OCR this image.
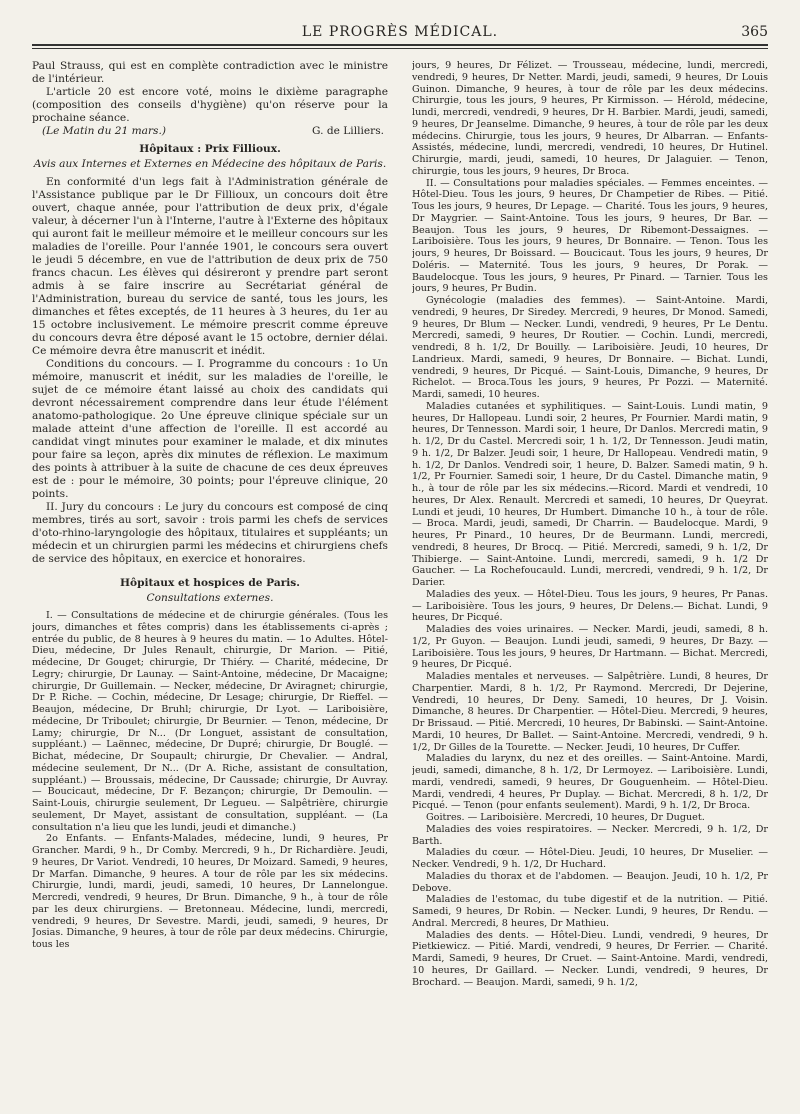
LE PROGRÈS MÉDICAL.	365

Paul Strauss, qui est en complète contradiction avec le ministre de l'intérieur.

L'article 20 est encore voté, moins le dixième paragraphe (composition des conseils d'hygiène) qu'on réserve pour la prochaine séance.

(Le Matin du 21 mars.)	G. de Lilliers.

Hôpitaux : Prix Fillioux.

Avis aux Internes et Externes en Médecine des hôpitaux de Paris.

En conformité d'un legs fait à l'Administration générale de l'Assistance publique par le Dr Fillioux, un concours doit être ouvert, chaque année, pour l'attribution de deux prix, d'égale valeur, à décerner l'un à l'Interne, l'autre à l'Externe des hôpitaux qui auront fait le meilleur mémoire et le meilleur concours sur les maladies de l'oreille. Pour l'année 1901, le concours sera ouvert le jeudi 5 décembre, en vue de l'attribution de deux prix de 750 francs chacun. Les élèves qui désireront y prendre part seront admis à se faire inscrire au Secrétariat général de l'Administration, bureau du service de santé, tous les jours, les dimanches et fêtes exceptés, de 11 heures à 3 heures, du 1er au 15 octobre inclusivement. Le mémoire prescrit comme épreuve du concours devra être déposé avant le 15 octobre, dernier délai. Ce mémoire devra être manuscrit et inédit.

Conditions du concours. — I. Programme du concours : 1o Un mémoire, manuscrit et inédit, sur les maladies de l'oreille, le sujet de ce mémoire étant laissé au choix des candidats qui devront nécessairement comprendre dans leur étude l'élément anatomo-pathologique. 2o Une épreuve clinique spéciale sur un malade atteint d'une affection de l'oreille. Il est accordé au candidat vingt minutes pour examiner le malade, et dix minutes pour faire sa leçon, après dix minutes de réflexion. Le maximum des points à attribuer à la suite de chacune de ces deux épreuves est de : pour le mémoire, 30 points; pour l'épreuve clinique, 20 points.

II. Jury du concours : Le jury du concours est composé de cinq membres, tirés au sort, savoir : trois parmi les chefs de services d'oto-rhino-laryngologie des hôpitaux, titulaires et suppléants; un médecin et un chirurgien parmi les médecins et chirurgiens chefs de service des hôpitaux, en exercice et honoraires.

Hôpitaux et hospices de Paris.

Consultations externes.

I. — Consultations de médecine et de chirurgie générales. (Tous les jours, dimanches et fêtes compris) dans les établissements ci-après ; entrée du public, de 8 heures à 9 heures du matin. — 1o Adultes. Hôtel-Dieu, médecine, Dr Jules Renault, chirurgie, Dr Marion. — Pitié, médecine, Dr Gouget; chirurgie, Dr Thiéry. — Charité, médecine, Dr Legry; chirurgie, Dr Launay. — Saint-Antoine, médecine, Dr Macaigne; chirurgie, Dr Guillemain. — Necker, médecine, Dr Aviragnet; chirurgie, Dr P. Riche. — Cochin, médecine, Dr Lesage; chirurgie, Dr Rieffel. — Beaujon, médecine, Dr Bruhl; chirurgie, Dr Lyot. — Lariboisière, médecine, Dr Triboulet; chirurgie, Dr Beurnier. — Tenon, médecine, Dr Lamy; chirurgie, Dr N... (Dr Longuet, assistant de consultation, suppléant.) — Laënnec, médecine, Dr Dupré; chirurgie, Dr Bouglé. — Bichat, médecine, Dr Soupault; chirurgie, Dr Chevalier. — Andral, médecine seulement, Dr N... (Dr A. Riche, assistant de consultation, suppléant.) — Broussais, médecine, Dr Caussade; chirurgie, Dr Auvray. — Boucicaut, médecine, Dr F. Bezançon; chirurgie, Dr Demoulin. — Saint-Louis, chirurgie seulement, Dr Legueu. — Salpêtrière, chirurgie seulement, Dr Mayet, assistant de consultation, suppléant. — (La consultation n'a lieu que les lundi, jeudi et dimanche.)

2o Enfants. — Enfants-Malades, médecine, lundi, 9 heures, Pr Grancher. Mardi, 9 h., Dr Comby. Mercredi, 9 h., Dr Richardière. Jeudi, 9 heures, Dr Variot. Vendredi, 10 heures, Dr Moizard. Samedi, 9 heures, Dr Marfan. Dimanche, 9 heures. A tour de rôle par les six médecins. Chirurgie, lundi, mardi, jeudi, samedi, 10 heures, Dr Lannelongue. Mercredi, vendredi, 9 heures, Dr Brun. Dimanche, 9 h., à tour de rôle par les deux chirurgiens. — Bretonneau. Médecine, lundi, mercredi, vendredi, 9 heures, Dr Sevestre. Mardi, jeudi, samedi, 9 heures, Dr Josias. Dimanche, 9 heures, à tour de rôle par deux médecins. Chirurgie, tous les

jours, 9 heures, Dr Félizet. — Trousseau, médecine, lundi, mercredi, vendredi, 9 heures, Dr Netter. Mardi, jeudi, samedi, 9 heures, Dr Louis Guinon. Dimanche, 9 heures, à tour de rôle par les deux médecins. Chirurgie, tous les jours, 9 heures, Pr Kirmisson. — Hérold, médecine, lundi, mercredi, vendredi, 9 heures, Dr H. Barbier. Mardi, jeudi, samedi, 9 heures, Dr Jeanselme. Dimanche, 9 heures, à tour de rôle par les deux médecins. Chirurgie, tous les jours, 9 heures, Dr Albarran. — Enfants-Assistés, médecine, lundi, mercredi, vendredi, 10 heures, Dr Hutinel. Chirurgie, mardi, jeudi, samedi, 10 heures, Dr Jalaguier. — Tenon, chirurgie, tous les jours, 9 heures, Dr Broca.

II. — Consultations pour maladies spéciales. — Femmes enceintes. — Hôtel-Dieu. Tous les jours, 9 heures, Dr Champetier de Ribes. — Pitié. Tous les jours, 9 heures, Dr Lepage. — Charité. Tous les jours, 9 heures, Dr Maygrier. — Saint-Antoine. Tous les jours, 9 heures, Dr Bar. — Beaujon. Tous les jours, 9 heures, Dr Ribemont-Dessaignes. — Lariboisière. Tous les jours, 9 heures, Dr Bonnaire. — Tenon. Tous les jours, 9 heures, Dr Boissard. — Boucicaut. Tous les jours, 9 heures, Dr Doléris. — Maternité. Tous les jours, 9 heures, Dr Porak. — Baudelocque. Tous les jours, 9 heures, Pr Pinard. — Tarnier. Tous les jours, 9 heures, Pr Budin.

Gynécologie (maladies des femmes). — Saint-Antoine. Mardi, vendredi, 9 heures, Dr Siredey. Mercredi, 9 heures, Dr Monod. Samedi, 9 heures, Dr Blum — Necker. Lundi, vendredi, 9 heures, Pr Le Dentu. Mercredi, samedi, 9 heures, Dr Routier. — Cochin. Lundi, mercredi, vendredi, 8 h. 1/2, Dr Bouilly. — Lariboisière. Jeudi, 10 heures, Dr Landrieux. Mardi, samedi, 9 heures, Dr Bonnaire. — Bichat. Lundi, vendredi, 9 heures, Dr Picqué. — Saint-Louis, Dimanche, 9 heures, Dr Richelot. — Broca.Tous les jours, 9 heures, Pr Pozzi. — Maternité. Mardi, samedi, 10 heures.

Maladies cutanées et syphilitiques. — Saint-Louis. Lundi matin, 9 heures, Dr Hallopeau. Lundi soir, 2 heures, Pr Fournier. Mardi matin, 9 heures, Dr Tennesson. Mardi soir, 1 heure, Dr Danlos. Mercredi matin, 9 h. 1/2, Dr du Castel. Mercredi soir, 1 h. 1/2, Dr Tennesson. Jeudi matin, 9 h. 1/2, Dr Balzer. Jeudi soir, 1 heure, Dr Hallopeau. Vendredi matin, 9 h. 1/2, Dr Danlos. Vendredi soir, 1 heure, D. Balzer. Samedi matin, 9 h. 1/2, Pr Fournier. Samedi soir, 1 heure, Dr du Castel. Dimanche matin, 9 h., à tour de rôle par les six médecins.—Ricord. Mardi et vendredi, 10 heures, Dr Alex. Renault. Mercredi et samedi, 10 heures, Dr Queyrat. Lundi et jeudi, 10 heures, Dr Humbert. Dimanche 10 h., à tour de rôle. — Broca. Mardi, jeudi, samedi, Dr Charrin. — Baudelocque. Mardi, 9 heures, Pr Pinard., 10 heures, Dr de Beurmann. Lundi, mercredi, vendredi, 8 heures, Dr Brocq. — Pitié. Mercredi, samedi, 9 h. 1/2, Dr Thibierge. — Saint-Antoine. Lundi, mercredi, samedi, 9 h. 1/2 Dr Gaucher. — La Rochefoucauld. Lundi, mercredi, vendredi, 9 h. 1/2, Dr Darier.

Maladies des yeux. — Hôtel-Dieu. Tous les jours, 9 heures, Pr Panas. — Lariboisière. Tous les jours, 9 heures, Dr Delens.— Bichat. Lundi, 9 heures, Dr Picqué.

Maladies des voies urinaires. — Necker. Mardi, jeudi, samedi, 8 h. 1/2, Pr Guyon. — Beaujon. Lundi jeudi, samedi, 9 heures, Dr Bazy. — Lariboisière. Tous les jours, 9 heures, Dr Hartmann. — Bichat. Mercredi, 9 heures, Dr Picqué.

Maladies mentales et nerveuses. — Salpêtrière. Lundi, 8 heures, Dr Charpentier. Mardi, 8 h. 1/2, Pr Raymond. Mercredi, Dr Dejerine, Vendredi, 10 heures, Dr Deny. Samedi, 10 heures, Dr J. Voisin. Dimanche, 8 heures. Dr Charpentier. — Hôtel-Dieu. Mercredi, 9 heures, Dr Brissaud. — Pitié. Mercredi, 10 heures, Dr Babinski. — Saint-Antoine. Mardi, 10 heures, Dr Ballet. — Saint-Antoine. Mercredi, vendredi, 9 h. 1/2, Dr Gilles de la Tourette. — Necker. Jeudi, 10 heures, Dr Cuffer.

Maladies du larynx, du nez et des oreilles. — Saint-Antoine. Mardi, jeudi, samedi, dimanche, 8 h. 1/2, Dr Lermoyez. — Lariboisière. Lundi, mardi, vendredi, samedi, 9 heures, Dr Gouguenheim. — Hôtel-Dieu. Mardi, vendredi, 4 heures, Pr Duplay. — Bichat. Mercredi, 8 h. 1/2, Dr Picqué. — Tenon (pour enfants seulement). Mardi, 9 h. 1/2, Dr Broca.

Goitres. — Lariboisière. Mercredi, 10 heures, Dr Duguet.

Maladies des voies respiratoires. — Necker. Mercredi, 9 h. 1/2, Dr Barth.

Maladies du cœur. — Hôtel-Dieu. Jeudi, 10 heures, Dr Muselier. — Necker. Vendredi, 9 h. 1/2, Dr Huchard.

Maladies du thorax et de l'abdomen. — Beaujon. Jeudi, 10 h. 1/2, Pr Debove.

Maladies de l'estomac, du tube digestif et de la nutrition. — Pitié. Samedi, 9 heures, Dr Robin. — Necker. Lundi, 9 heures, Dr Rendu. — Andral. Mercredi, 8 heures, Dr Mathieu.

Maladies des dents. — Hôtel-Dieu. Lundi, vendredi, 9 heures, Dr Pietkiewicz. — Pitié. Mardi, vendredi, 9 heures, Dr Ferrier. — Charité. Mardi, Samedi, 9 heures, Dr Cruet. — Saint-Antoine. Mardi, vendredi, 10 heures, Dr Gaillard. — Necker. Lundi, vendredi, 9 heures, Dr Brochard. — Beaujon. Mardi, samedi, 9 h. 1/2,
